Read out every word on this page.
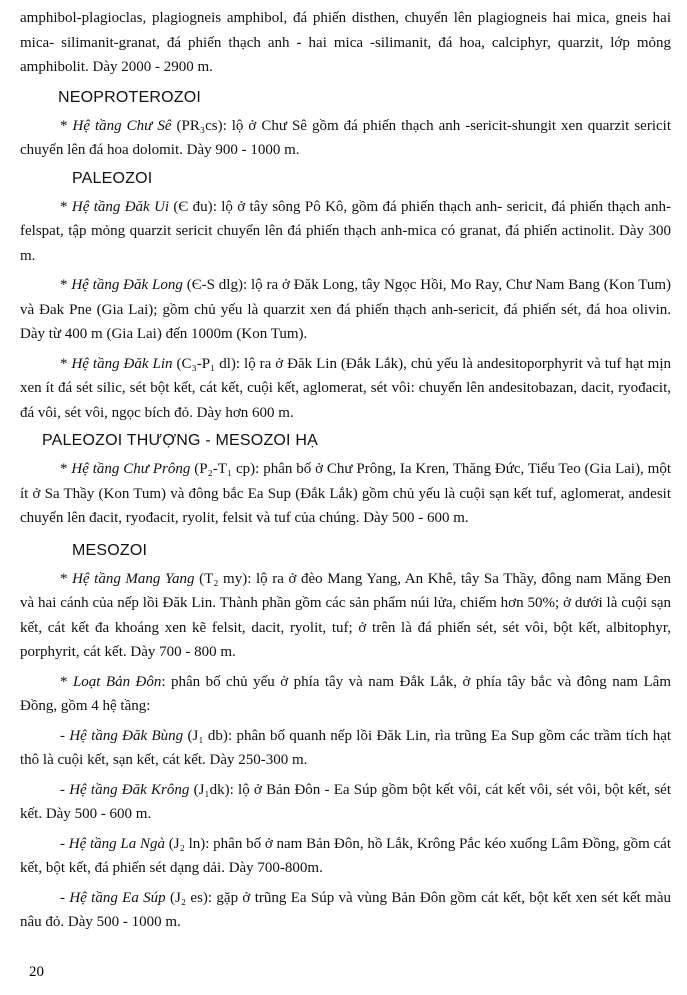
amphibol-plagioclas, plagiogneis amphibol, đá phiến disthen, chuyển lên plagiogneis hai mica, gneis hai mica- silimanit-granat, đá phiến thạch anh - hai mica -silimanit, đá hoa, calciphyr, quarzit, lớp mỏng amphibolit. Dày 2000 - 2900 m.

NEOPROTEROZOI

* Hệ tầng Chư Sê (PR₃cs): lộ ở Chư Sê gồm đá phiến thạch anh -sericit-shungit xen quarzit sericit chuyển lên đá hoa dolomit. Dày 900 - 1000 m.

PALEOZOI

* Hệ tầng Đăk Ui (Є đu): lộ ở tây sông Pô Kô, gồm đá phiến thạch anh- sericit, đá phiến thạch anh-felspat, tập mỏng quarzit sericit chuyển lên đá phiến thạch anh-mica có granat, đá phiến actinolit. Dày 300 m.

* Hệ tầng Đăk Long (Є-S dlg): lộ ra ở Đăk Long, tây Ngọc Hồi, Mo Ray, Chư Nam Bang (Kon Tum) và Đak Pne (Gia Lai); gồm chủ yếu là quarzit xen đá phiến thạch anh-sericit, đá phiến sét, đá hoa olivin. Dày từ 400 m (Gia Lai) đến 1000m (Kon Tum).

* Hệ tầng Đăk Lin (C₃-P₁ dl): lộ ra ở Đăk Lin (Đắk Lắk), chủ yếu là andesitoporphyrit và tuf hạt mịn xen ít đá sét silic, sét bột kết, cát kết, cuội kết, aglomerat, sét vôi: chuyển lên andesitobazan, dacit, ryođacit, đá vôi, sét vôi, ngọc bích đỏ. Dày hơn 600 m.

PALEOZOI THƯỢNG - MESOZOI HẠ

* Hệ tầng Chư Prông (P₂-T₁ cp): phân bố ở Chư Prông, Ia Kren, Thăng Đức, Tiểu Teo (Gia Lai), một ít ở Sa Thầy (Kon Tum) và đông bắc Ea Sup (Đắk Lắk) gồm chủ yếu là cuội sạn kết tuf, aglomerat, andesit chuyển lên đacit, ryođacit, ryolit, felsit và tuf của chúng. Dày 500 - 600 m.

MESOZOI

* Hệ tầng Mang Yang (T₂ my): lộ ra ở đèo Mang Yang, An Khê, tây Sa Thầy, đông nam Măng Đen và hai cánh của nếp lồi Đăk Lin. Thành phần gồm các sản phẩm núi lửa, chiếm hơn 50%; ở dưới là cuội sạn kết, cát kết đa khoáng xen kẽ felsit, dacit, ryolit, tuf; ở trên là đá phiến sét, sét vôi, bột kết, albitophyr, porphyrit, cát kết. Dày 700 - 800 m.

* Loạt Bản Đôn: phân bố chủ yếu ở phía tây và nam Đắk Lắk, ở phía tây bắc và đông nam Lâm Đồng, gồm 4 hệ tầng:

- Hệ tầng Đăk Bùng (J₁ db): phân bố quanh nếp lồi Đăk Lin, rìa trũng Ea Sup gồm các trầm tích hạt thô là cuội kết, sạn kết, cát kết. Dày 250-300 m.

- Hệ tầng Đăk Krông (J₁dk): lộ ở Bản Đôn - Ea Súp gồm bột kết vôi, cát kết vôi, sét vôi, bột kết, sét kết. Dày 500 - 600 m.

- Hệ tầng La Ngà (J₂ ln): phân bố ở nam Bản Đôn, hồ Lắk, Krông Pắc kéo xuống Lâm Đồng, gồm cát kết, bột kết, đá phiến sét dạng dải. Dày 700-800m.

- Hệ tầng Ea Súp (J₂ es): gặp ở trũng Ea Súp và vùng Bản Đôn gồm cát kết, bột kết xen sét kết màu nâu đỏ. Dày 500 - 1000 m.

20
